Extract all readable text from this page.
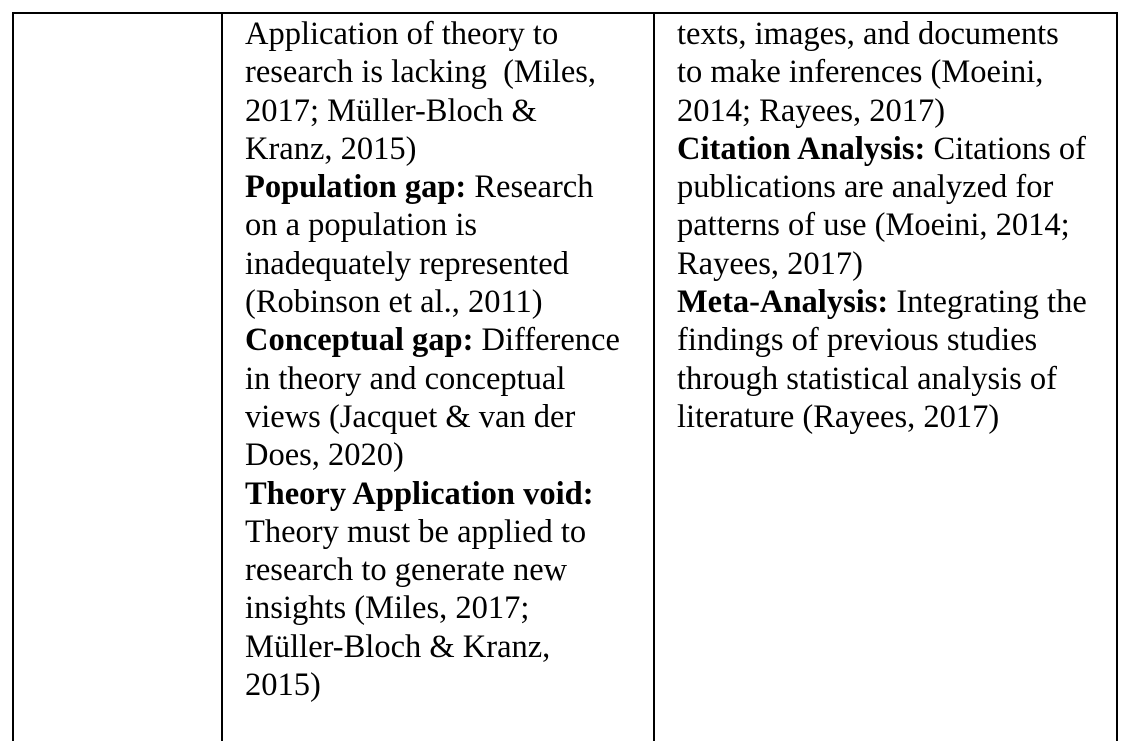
Application of theory to
research is lacking  (Miles,
2017; Müller-Bloch &
Kranz, 2015)
Population gap: Research
on a population is
inadequately represented
(Robinson et al., 2011)
Conceptual gap: Difference
in theory and conceptual
views (Jacquet & van der
Does, 2020)
Theory Application void:
Theory must be applied to
research to generate new
insights (Miles, 2017;
Müller-Bloch & Kranz,
2015)
texts, images, and documents
to make inferences (Moeini,
2014; Rayees, 2017)
Citation Analysis: Citations of
publications are analyzed for
patterns of use (Moeini, 2014;
Rayees, 2017)
Meta-Analysis: Integrating the
findings of previous studies
through statistical analysis of
literature (Rayees, 2017)
